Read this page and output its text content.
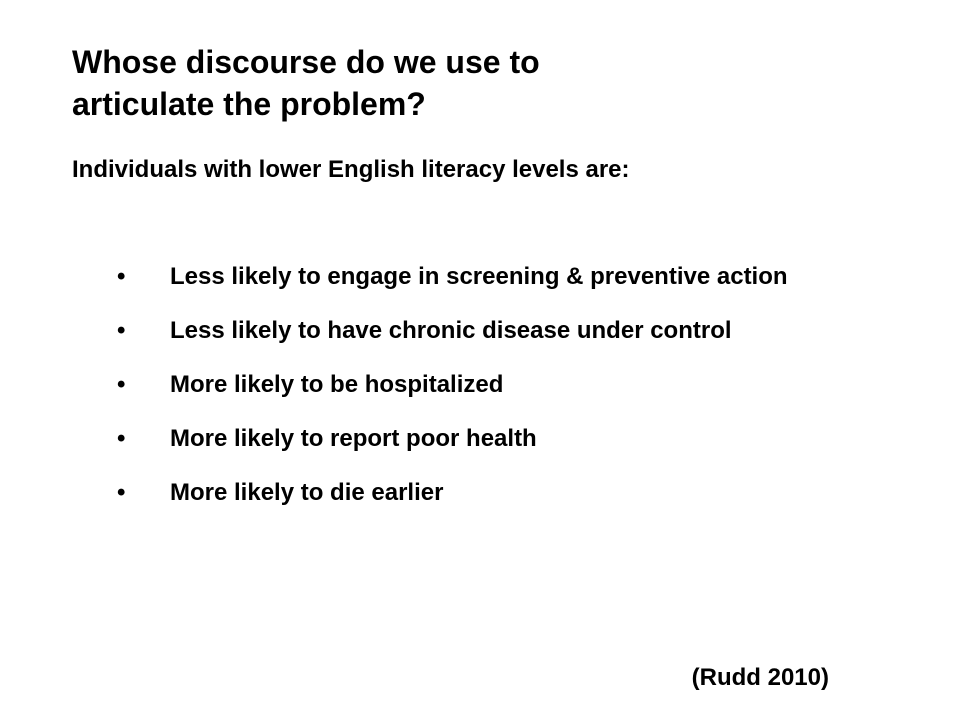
Whose discourse do we use to
articulate the problem?

Individuals with lower English literacy levels are:

• Less likely to engage in screening & preventive action
• Less likely to have chronic disease under control
• More likely to be hospitalized
• More likely to report poor health
• More likely to die earlier

(Rudd 2010)
